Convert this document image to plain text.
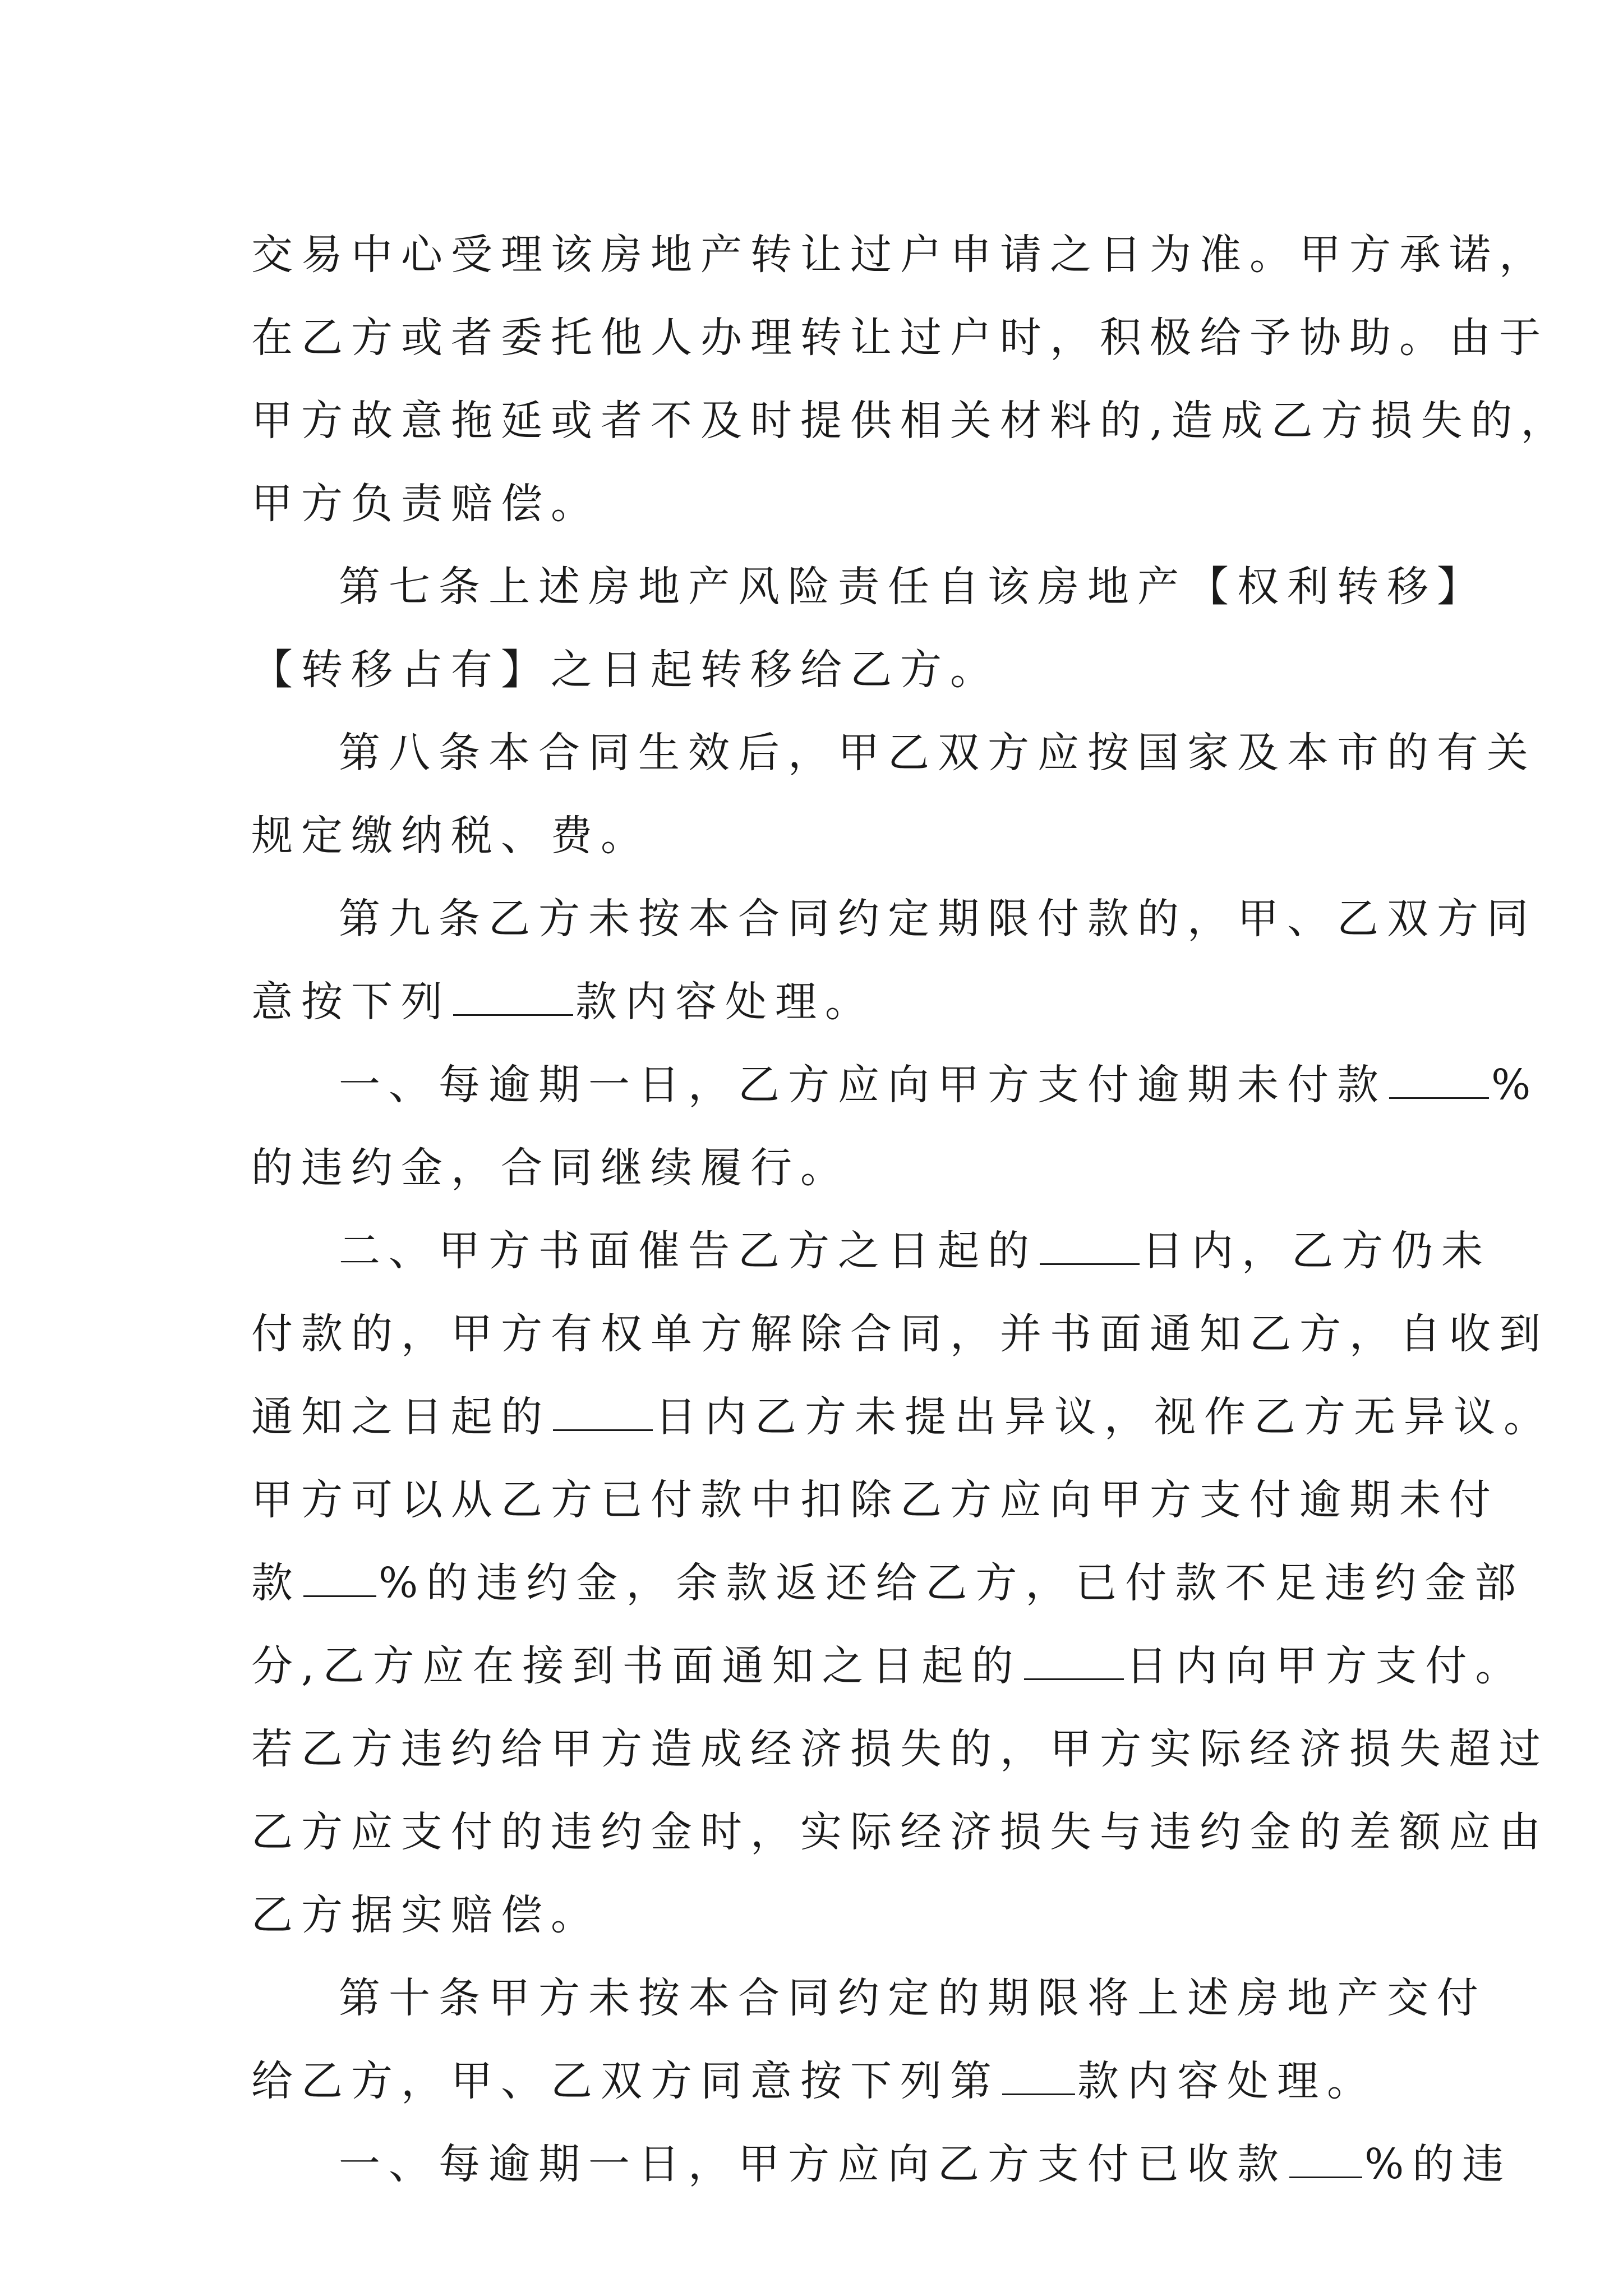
交易中心受理该房地产转让过户申请之日为准。甲方承诺，
在乙方或者委托他人办理转让过户时，积极给予协助。由于
甲方故意拖延或者不及时提供相关材料的,造成乙方损失的，
甲方负责赔偿。
第七条上述房地产风险责任自该房地产【权利转移】
【转移占有】之日起转移给乙方。
第八条本合同生效后，甲乙双方应按国家及本市的有关
规定缴纳税、费。
第九条乙方未按本合同约定期限付款的，甲、乙双方同
意按下列	款内容处理。
一、每逾期一日，乙方应向甲方支付逾期未付款	%
的违约金，合同继续履行。
二、甲方书面催告乙方之日起的	日内，乙方仍未
付款的，甲方有权单方解除合同，并书面通知乙方，自收到
通知之日起的	日内乙方未提出异议，视作乙方无异议。
甲方可以从乙方已付款中扣除乙方应向甲方支付逾期未付
款 %的违约金，余款返还给乙方，已付款不足违约金部
分,乙方应在接到书面通知之日起的	日内向甲方支付。
若乙方违约给甲方造成经济损失的，甲方实际经济损失超过
乙方应支付的违约金时，实际经济损失与违约金的差额应由
乙方据实赔偿。
第十条甲方未按本合同约定的期限将上述房地产交付
给乙方，甲、乙双方同意按下列第 款内容处理。
一、每逾期一日，甲方应向乙方支付已收款 %的违
